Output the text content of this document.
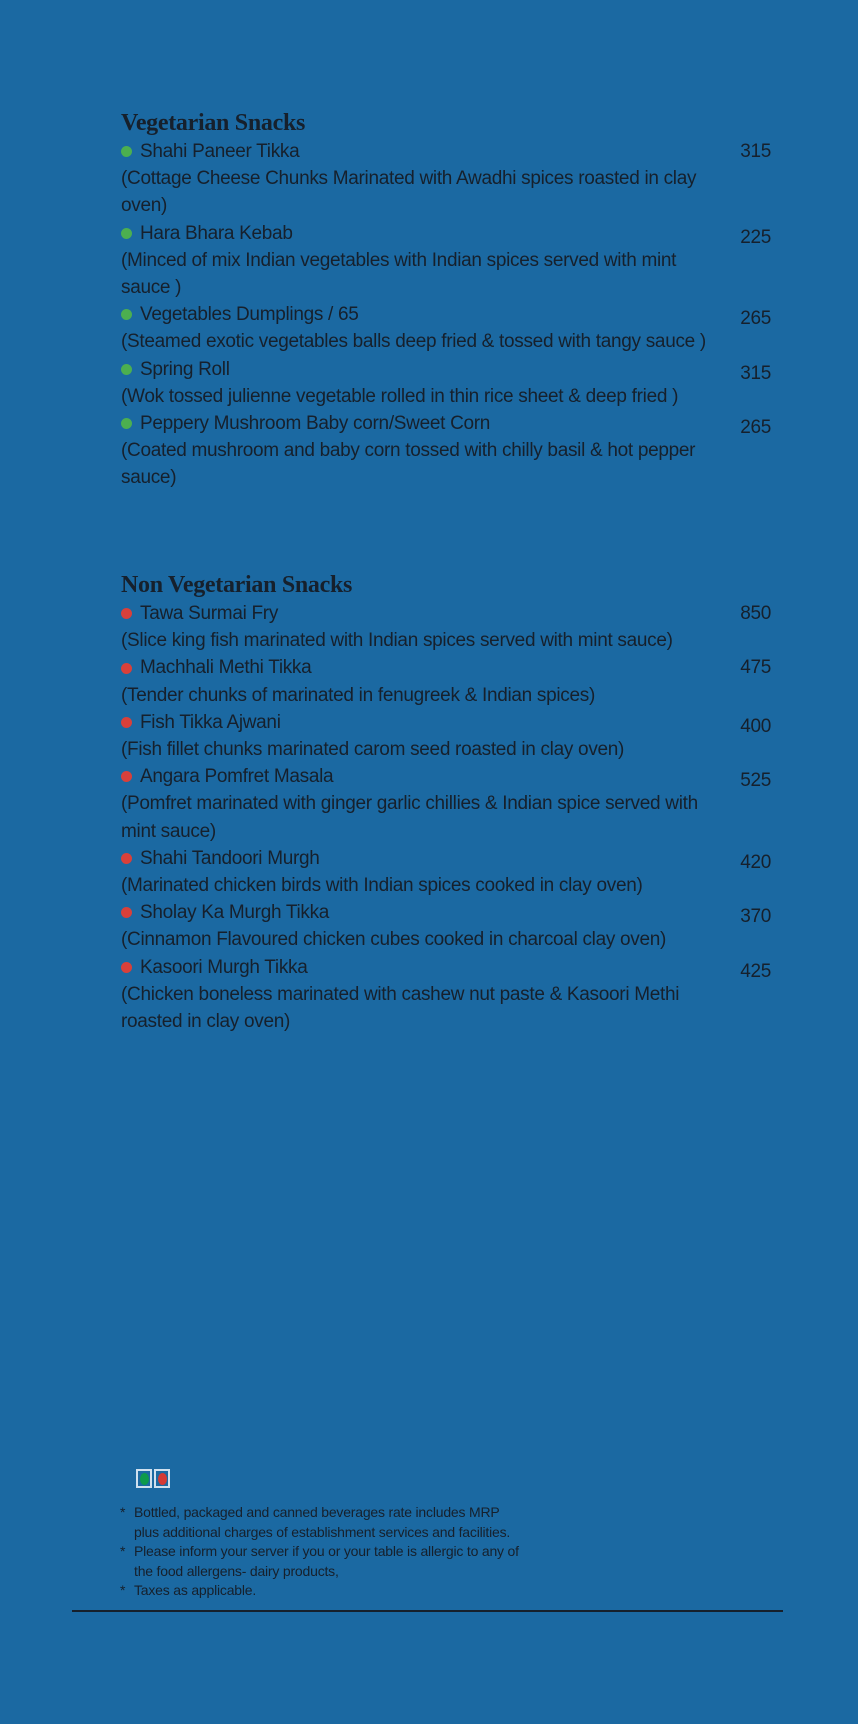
Vegetarian Snacks
Shahi Paneer Tikka
(Cottage Cheese Chunks Marinated with Awadhi spices roasted in clay oven)
315
Hara Bhara Kebab
(Minced of mix Indian vegetables with Indian spices served with mint sauce )
225
Vegetables Dumplings / 65
(Steamed exotic vegetables balls deep fried & tossed with tangy sauce )
265
Spring Roll
(Wok tossed julienne vegetable rolled in thin rice sheet & deep fried )
315
Peppery Mushroom Baby corn/Sweet Corn
(Coated mushroom and baby corn tossed with chilly basil & hot pepper sauce)
265
Non Vegetarian Snacks
Tawa Surmai Fry
(Slice king fish marinated with Indian spices served with mint sauce)
850
Machhali Methi Tikka
(Tender chunks of marinated in fenugreek & Indian spices)
475
Fish Tikka Ajwani
(Fish fillet chunks marinated carom seed roasted in clay oven)
400
Angara Pomfret Masala
(Pomfret marinated with ginger garlic chillies & Indian spice served with mint sauce)
525
Shahi Tandoori Murgh
(Marinated chicken birds with Indian spices cooked in clay oven)
420
Sholay Ka Murgh Tikka
(Cinnamon Flavoured chicken cubes cooked in charcoal clay oven)
370
Kasoori Murgh Tikka
(Chicken boneless marinated with cashew nut paste & Kasoori Methi roasted in clay oven)
425
* Bottled, packaged and canned beverages rate includes MRP plus additional charges of establishment services and facilities.
* Please inform your server if you or your table is allergic to any of the food allergens- dairy products,
* Taxes as applicable.
